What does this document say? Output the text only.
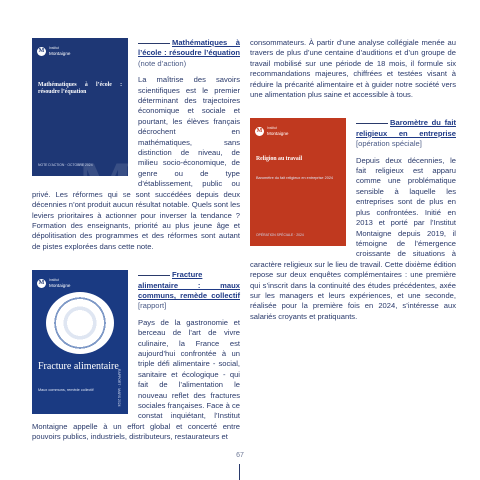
M	Institut
Montaigne
Mathématiques à l’école : résoudre l’équation
M
NOTE D’ACTION · OCTOBRE 2024
Mathématiques à l’école : résoudre l’équation (note d’action)
La maîtrise des savoirs scientifiques est le premier déterminant des trajectoires économique et sociale et pourtant, les élèves français décrochent en mathématiques, sans distinction de niveau, de milieu socio-économique, de genre ou de type d’établissement, public ou privé. Les réformes qui se sont succédées depuis deux décennies n’ont produit aucun résultat notable. Quels sont les leviers prioritaires à actionner pour inverser la tendance ? Formation des enseignants, priorité au plus jeune âge et dépolitisation des programmes et des réformes sont autant de pistes explorées dans cette note.
M	Institut
Montaigne
Fracture alimentaire
Maux communs, remède collectif	RAPPORT · MARS 2024
Fracture alimentaire : maux communs, remède collectif [rapport]
Pays de la gastronomie et berceau de l’art de vivre culinaire, la France est aujourd’hui confrontée à un triple défi alimentaire - social, sanitaire et écologique - qui fait de l’alimentation le nouveau reflet des fractures sociales françaises. Face à ce constat inquiétant, l’Institut Montaigne appelle à un effort global et concerté entre pouvoirs publics, industriels, distributeurs, restaurateurs et
consommateurs. À partir d’une analyse collégiale menée au travers de plus d’une centaine d’auditions et d’un groupe de travail mobilisé sur une période de 18 mois, il formule six recommandations majeures, chiffrées et testées visant à réduire la précarité alimentaire et à guider notre société vers une alimentation plus saine et accessible à tous.
M	Institut
Montaigne
Religion au travail
Baromètre du fait religieux en entreprise 2024
OPÉRATION SPÉCIALE · 2024
Baromètre du fait religieux en entreprise [opération spéciale]
Depuis deux décennies, le fait religieux est apparu comme une problématique sensible à laquelle les entreprises sont de plus en plus confrontées. Initié en 2013 et porté par l’Institut Montaigne depuis 2019, il témoigne de l’émergence croissante de situations à caractère religieux sur le lieu de travail. Cette dixième édition repose sur deux enquêtes complémentaires : une première qui s’inscrit dans la continuité des études précédentes, axée sur les managers et leurs expériences, et une seconde, réalisée pour la première fois en 2024, s’intéresse aux salariés croyants et pratiquants.
67
